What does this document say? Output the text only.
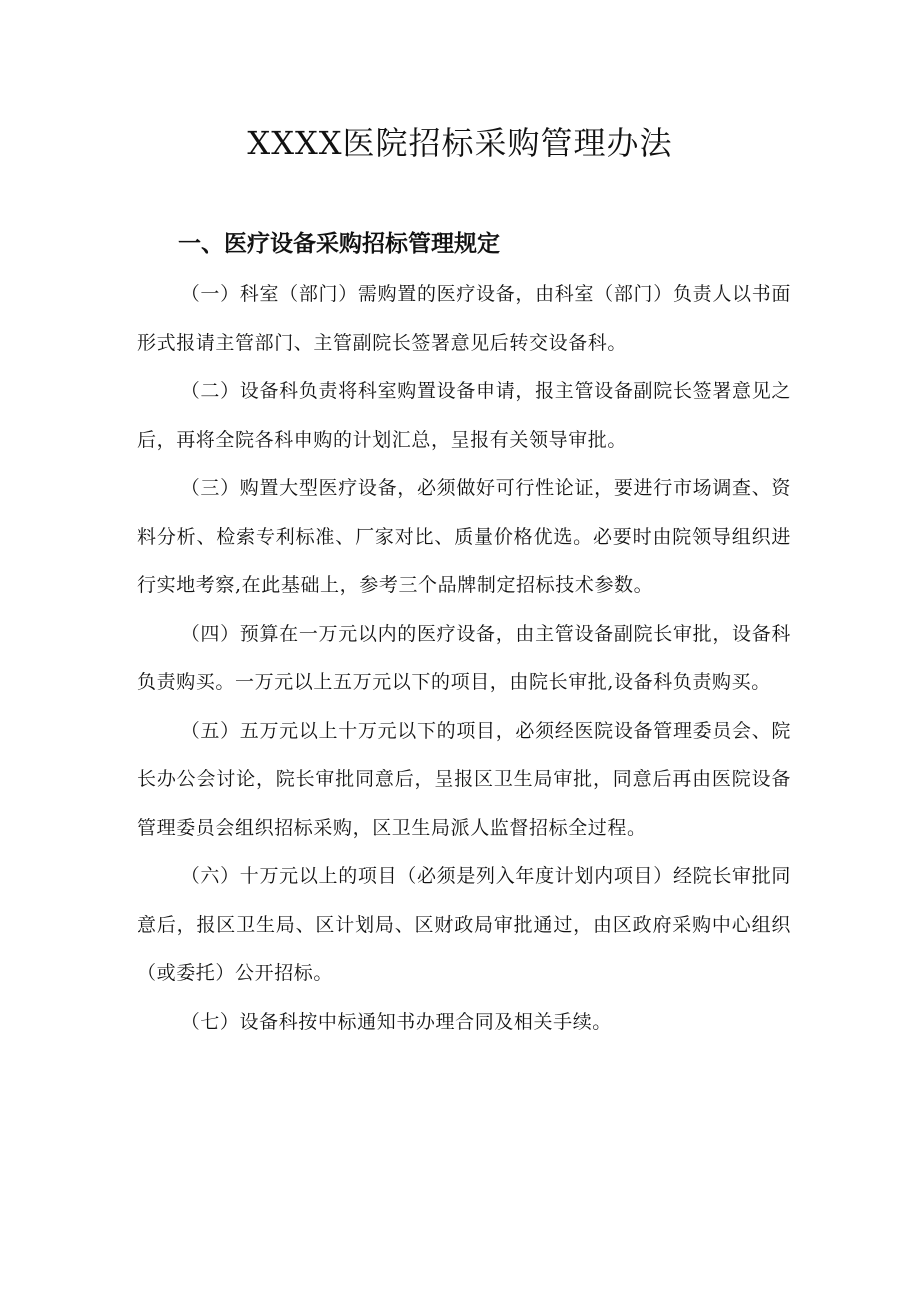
XXXX医院招标采购管理办法
一、医疗设备采购招标管理规定

（一）科室（部门）需购置的医疗设备，由科室（部门）负责人以书面形式报请主管部门、主管副院长签署意见后转交设备科。

（二）设备科负责将科室购置设备申请，报主管设备副院长签署意见之后，再将全院各科申购的计划汇总，呈报有关领导审批。

（三）购置大型医疗设备，必须做好可行性论证，要进行市场调查、资料分析、检索专利标准、厂家对比、质量价格优选。必要时由院领导组织进行实地考察,在此基础上，参考三个品牌制定招标技术参数。

（四）预算在一万元以内的医疗设备，由主管设备副院长审批，设备科负责购买。一万元以上五万元以下的项目，由院长审批,设备科负责购买。

（五）五万元以上十万元以下的项目，必须经医院设备管理委员会、院长办公会讨论，院长审批同意后，呈报区卫生局审批，同意后再由医院设备管理委员会组织招标采购，区卫生局派人监督招标全过程。

（六）十万元以上的项目（必须是列入年度计划内项目）经院长审批同意后，报区卫生局、区计划局、区财政局审批通过，由区政府采购中心组织（或委托）公开招标。

（七）设备科按中标通知书办理合同及相关手续。
